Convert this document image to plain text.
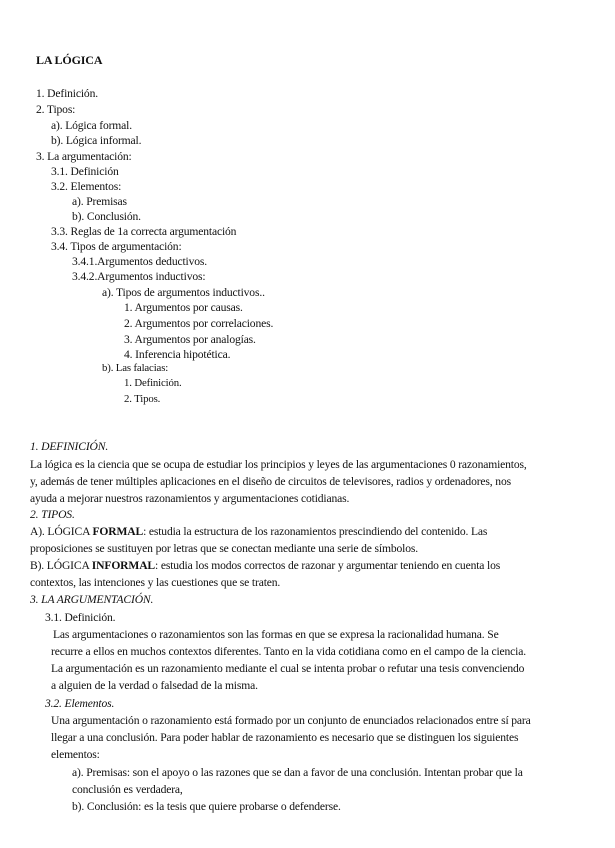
LA LÓGICA
1. Definición.
2. Tipos:
a). Lógica formal.
b). Lógica informal.
3. La argumentación:
3.1. Definición
3.2. Elementos:
a). Premisas
b). Conclusión.
3.3. Reglas de 1a correcta argumentación
3.4. Tipos de argumentación:
3.4.1.Argumentos deductivos.
3.4.2.Argumentos inductivos:
a). Tipos de argumentos inductivos..
1. Argumentos por causas.
2. Argumentos por correlaciones.
3. Argumentos por analogías.
4. Inferencia hipotética.
b). Las falacias:
1. Definición.
2. Tipos.
1. DEFINICIÓN.
La lógica es la ciencia que se ocupa de estudiar los principios y leyes de las argumentaciones 0 razonamientos,
y, además de tener múltiples aplicaciones en el diseño de circuitos de televisores, radios y ordenadores, nos
ayuda a mejorar nuestros razonamientos y argumentaciones cotidianas.
2. TIPOS.
A). LÓGICA FORMAL: estudia la estructura de los razonamientos prescindiendo del contenido. Las
proposiciones se sustituyen por letras que se conectan mediante una serie de símbolos.
B). LÓGICA INFORMAL: estudia los modos correctos de razonar y argumentar teniendo en cuenta los
contextos, las intenciones y las cuestiones que se traten.
3. LA ARGUMENTACIÓN.
3.1. Definición.
Las argumentaciones o razonamientos son las formas en que se expresa la racionalidad humana. Se
recurre a ellos en muchos contextos diferentes. Tanto en la vida cotidiana como en el campo de la ciencia.
La argumentación es un razonamiento mediante el cual se intenta probar o refutar una tesis convenciendo
a alguien de la verdad o falsedad de la misma.
3.2. Elementos.
Una argumentación o razonamiento está formado por un conjunto de enunciados relacionados entre sí para
llegar a una conclusión. Para poder hablar de razonamiento es necesario que se distinguen los siguientes
elementos:
a). Premisas: son el apoyo o las razones que se dan a favor de una conclusión. Intentan probar que la
conclusión es verdadera,
b). Conclusión: es la tesis que quiere probarse o defenderse.
